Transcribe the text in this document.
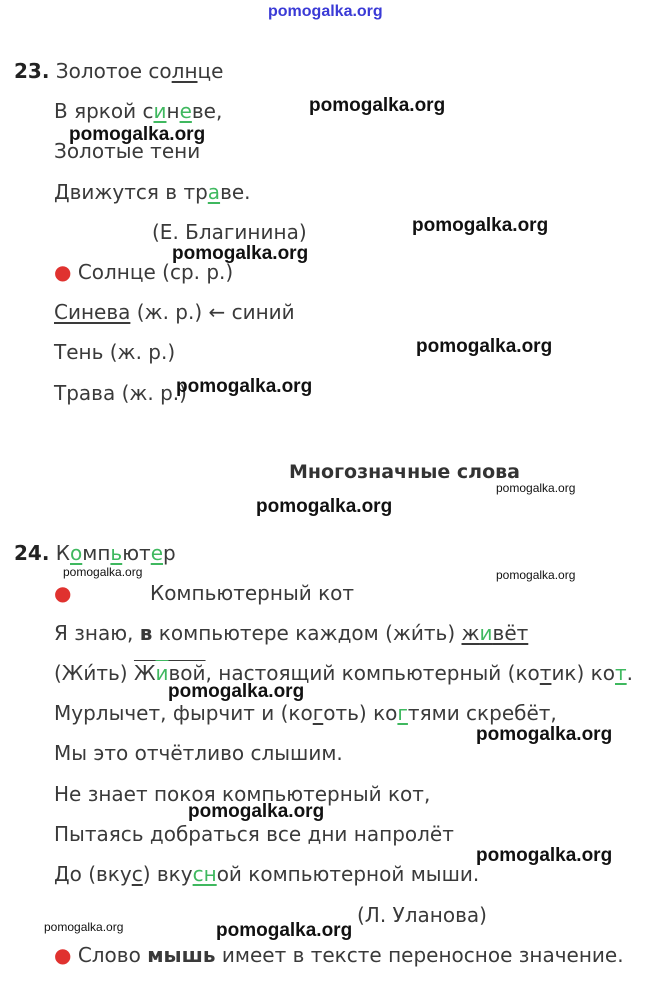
pomogalka.org
23. Золотое солнце
В яркой синеве,
Золотые тени
Движутся в траве.
(Е. Благинина)
● Солнце (ср. р.)
Синева (ж. р.) ← синий
Тень (ж. р.)
Трава (ж. р.)
Многозначные слова
24. Компьютер
●	Компьютерный кот
Я знаю, в компьютере каждом (жи́ть) живёт
(Жи́ть) Живой, настоящий компьютерный (котик) кот.
Мурлычет, фырчит и (коготь) когтями скребёт,
Мы это отчётливо слышим.
Не знает покоя компьютерный кот,
Пытаясь добраться все дни напролёт
До (вкус) вкусной компьютерной мыши.
(Л. Уланова)
● Слово мышь имеет в тексте переносное значение.
pomogalka.org
pomogalka.org
pomogalka.org
pomogalka.org
pomogalka.org
pomogalka.org
pomogalka.org
pomogalka.org
pomogalka.org	pomogalka.org
pomogalka.org
pomogalka.org
pomogalka.org
pomogalka.org
pomogalka.org	pomogalka.org
